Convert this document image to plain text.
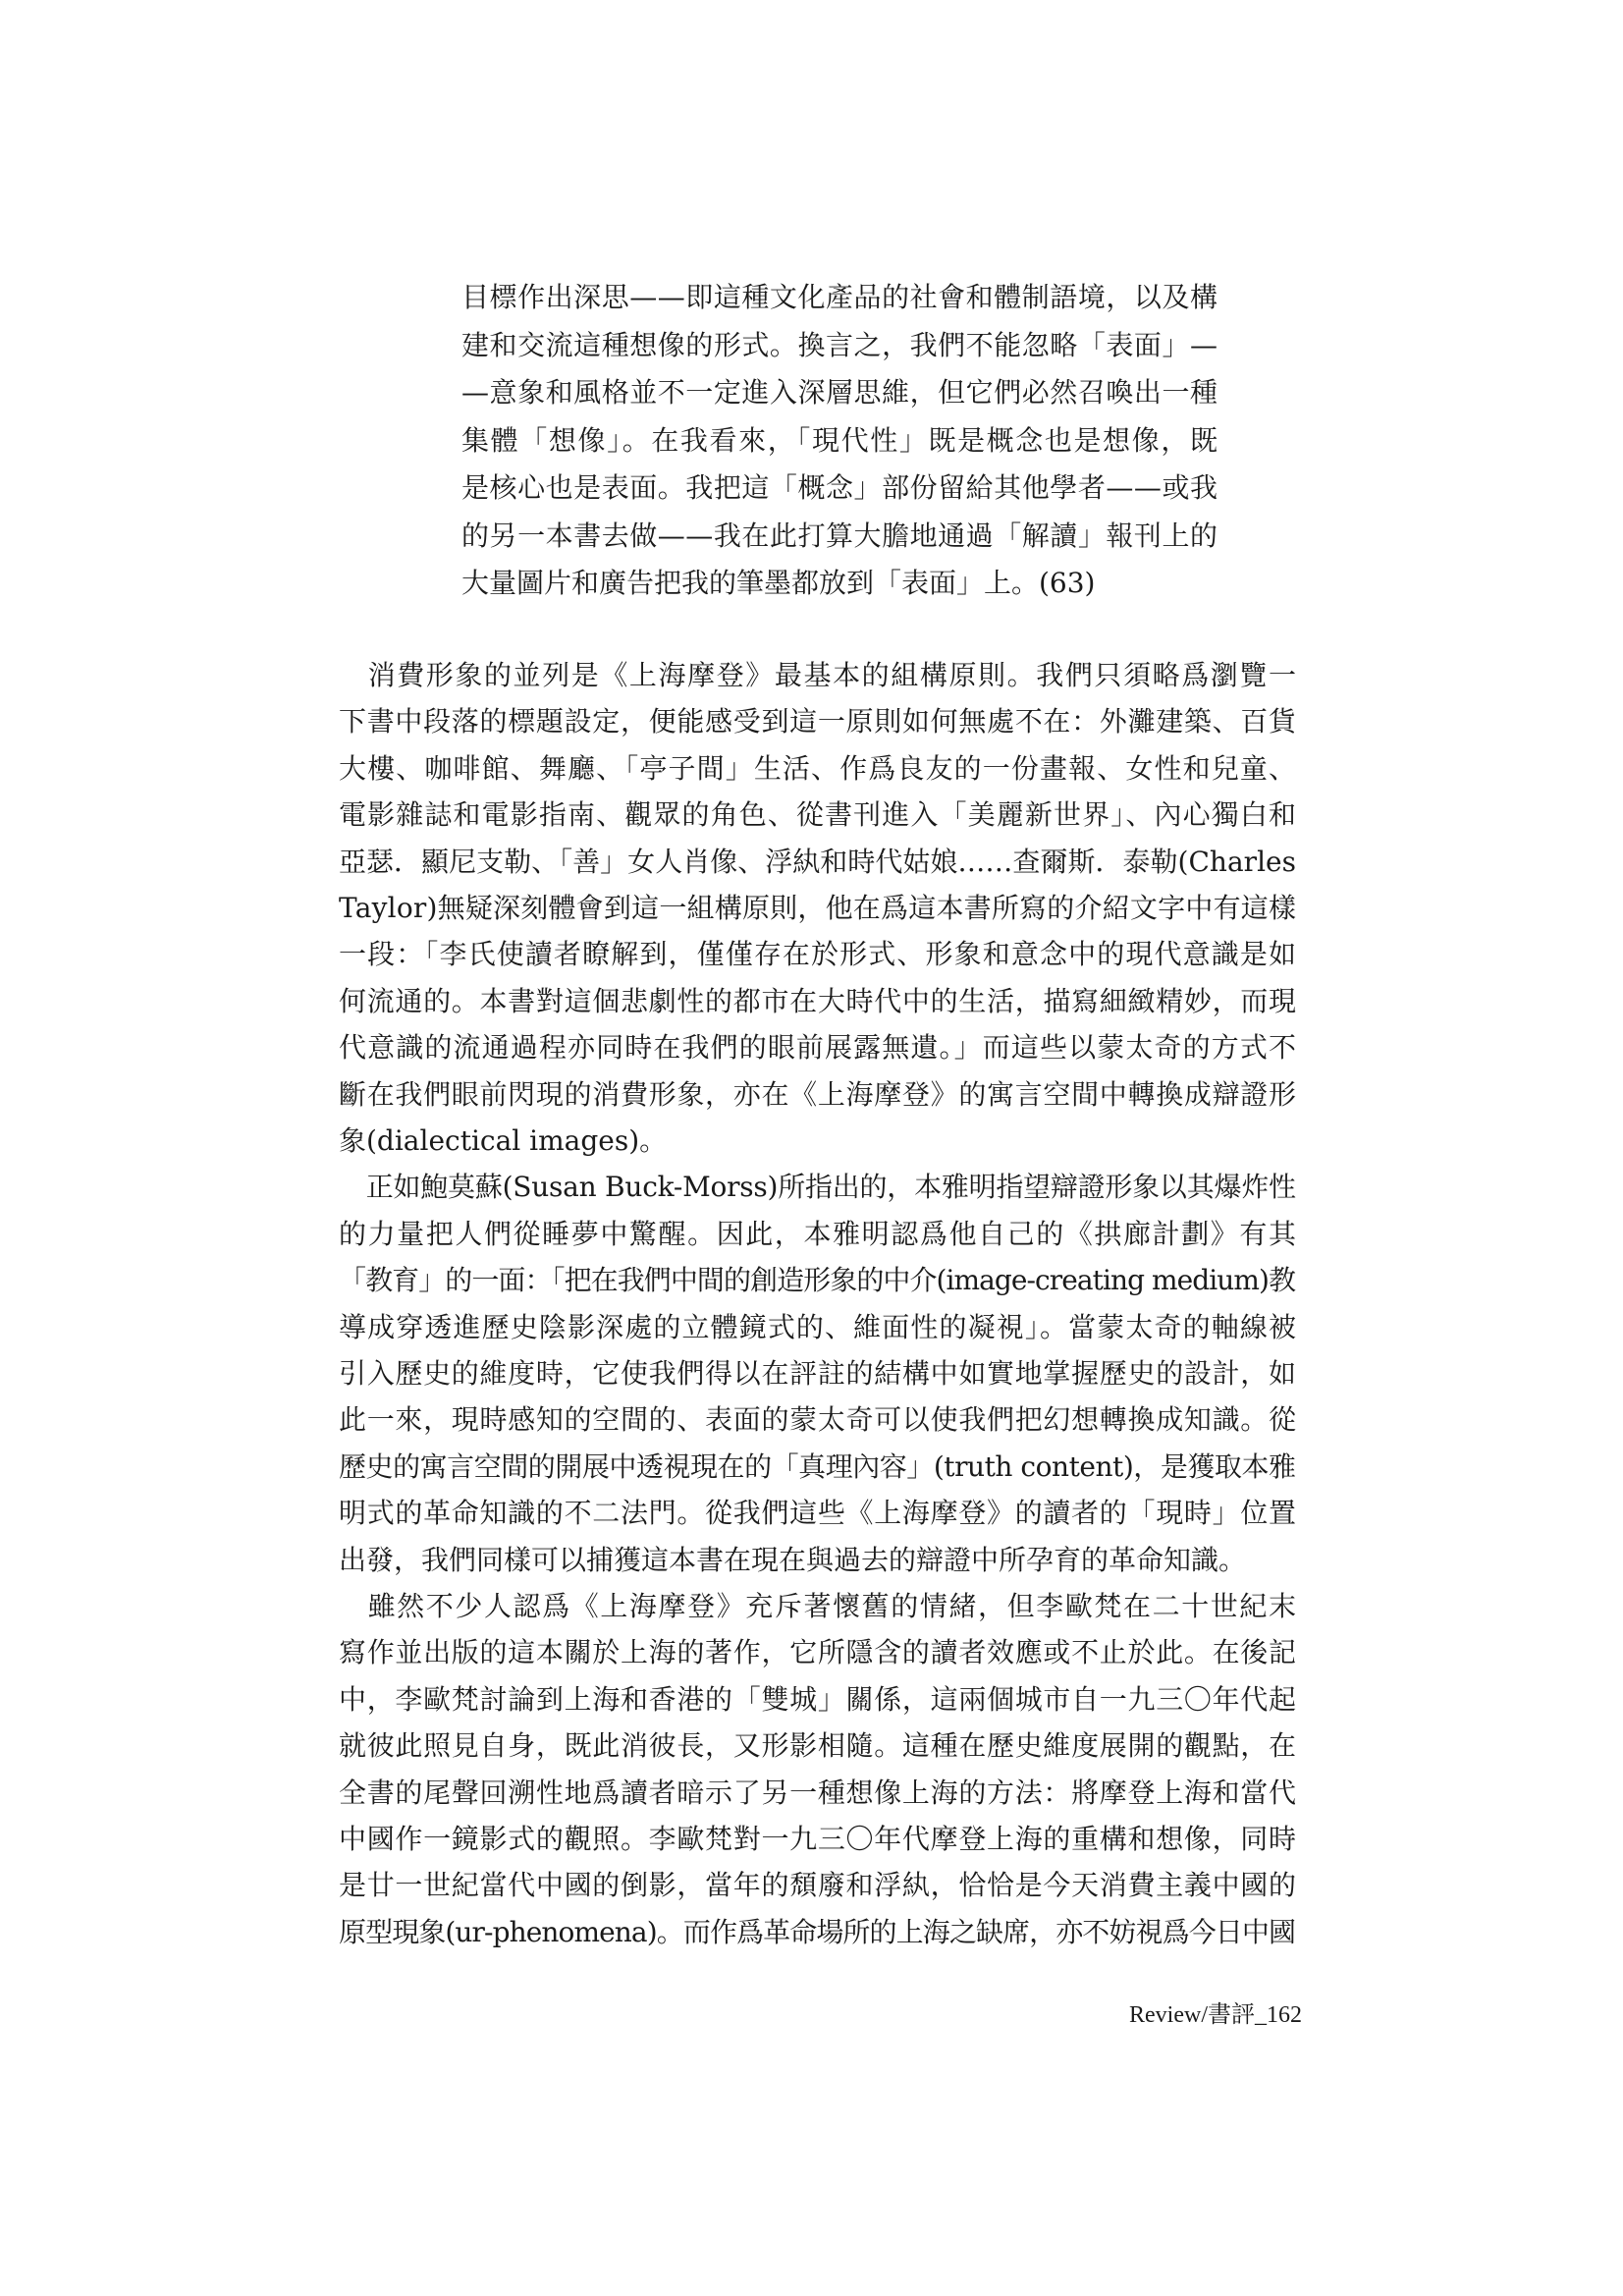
目標作出深思——即這種文化產品的社會和體制語境，以及構
建和交流這種想像的形式。換言之，我們不能忽略「表面」—
—意象和風格並不一定進入深層思維，但它們必然召喚出一種
集體「想像」。在我看來，「現代性」既是概念也是想像，既
是核心也是表面。我把這「概念」部份留給其他學者——或我
的另一本書去做——我在此打算大膽地通過「解讀」報刊上的
大量圖片和廣告把我的筆墨都放到「表面」上。(63)
　消費形象的並列是《上海摩登》最基本的組構原則。我們只須略爲瀏覽一
下書中段落的標題設定，便能感受到這一原則如何無處不在：外灘建築、百貨
大樓、咖啡館、舞廳、「亭子間」生活、作爲良友的一份畫報、女性和兒童、
電影雜誌和電影指南、觀眾的角色、從書刊進入「美麗新世界」、內心獨白和
亞瑟．顯尼支勒、「善」女人肖像、浮紈和時代姑娘……查爾斯．泰勒(Charles
Taylor)無疑深刻體會到這一組構原則，他在爲這本書所寫的介紹文字中有這樣
一段：「李氏使讀者瞭解到，僅僅存在於形式、形象和意念中的現代意識是如
何流通的。本書對這個悲劇性的都市在大時代中的生活，描寫細緻精妙，而現
代意識的流通過程亦同時在我們的眼前展露無遺。」而這些以蒙太奇的方式不
斷在我們眼前閃現的消費形象，亦在《上海摩登》的寓言空間中轉換成辯證形
象(dialectical images)。
　正如鮑莫蘇(Susan Buck-Morss)所指出的，本雅明指望辯證形象以其爆炸性
的力量把人們從睡夢中驚醒。因此，本雅明認爲他自己的《拱廊計劃》有其
「教育」的一面：「把在我們中間的創造形象的中介(image-creating medium)教
導成穿透進歷史陰影深處的立體鏡式的、維面性的凝視」。當蒙太奇的軸線被
引入歷史的維度時，它使我們得以在評註的結構中如實地掌握歷史的設計，如
此一來，現時感知的空間的、表面的蒙太奇可以使我們把幻想轉換成知識。從
歷史的寓言空間的開展中透視現在的「真理內容」(truth content)，是獲取本雅
明式的革命知識的不二法門。從我們這些《上海摩登》的讀者的「現時」位置
出發，我們同樣可以捕獲這本書在現在與過去的辯證中所孕育的革命知識。
　雖然不少人認爲《上海摩登》充斥著懷舊的情緒，但李歐梵在二十世紀末
寫作並出版的這本關於上海的著作，它所隱含的讀者效應或不止於此。在後記
中，李歐梵討論到上海和香港的「雙城」關係，這兩個城市自一九三〇年代起
就彼此照見自身，既此消彼長，又形影相隨。這種在歷史維度展開的觀點，在
全書的尾聲回溯性地爲讀者暗示了另一種想像上海的方法：將摩登上海和當代
中國作一鏡影式的觀照。李歐梵對一九三〇年代摩登上海的重構和想像，同時
是廿一世紀當代中國的倒影，當年的頹廢和浮紈，恰恰是今天消費主義中國的
原型現象(ur-phenomena)。而作爲革命場所的上海之缺席，亦不妨視爲今日中國
Review/書評_162
